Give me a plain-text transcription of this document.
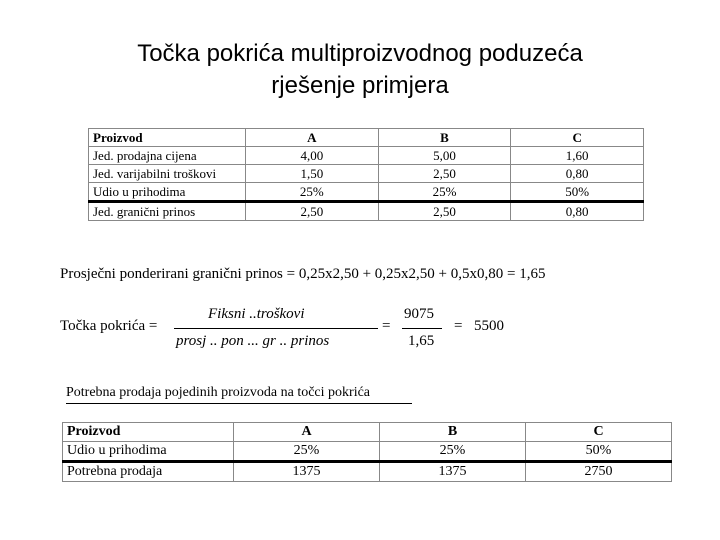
Točka pokrića multiproizvodnog poduzeća
rješenje primjera
Proizvod	A	B	C
Jed. prodajna cijena	4,00	5,00	1,60
Jed. varijabilni troškovi	1,50	2,50	0,80
Udio u prihodima	25%	25%	50%
Jed. granični prinos	2,50	2,50	0,80
Prosječni ponderirani granični prinos = 0,25x2,50 + 0,25x2,50 + 0,5x0,80 = 1,65
Točka pokrića =
Fiksni ..troškovi
prosj .. pon ... gr .. prinos
=
9075
1,65
= 5500
Potrebna prodaja pojedinih proizvoda na točci pokrića
Proizvod	A	B	C
Udio u prihodima	25%	25%	50%
Potrebna prodaja	1375	1375	2750
